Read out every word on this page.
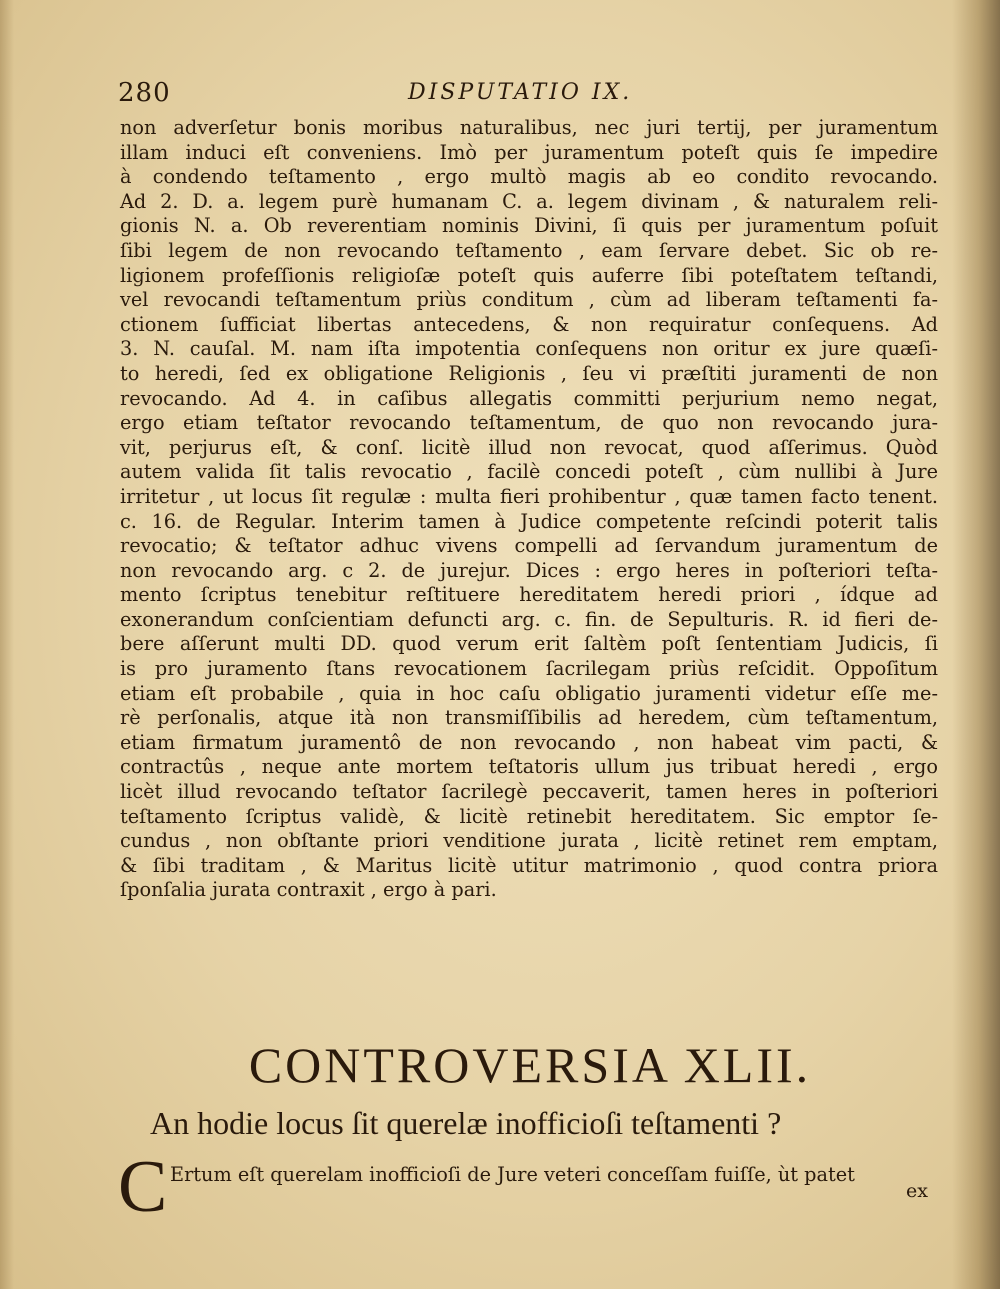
280	DISPUTATIO IX.
non adverſetur bonis moribus naturalibus, nec juri tertij, per juramentum
illam induci eſt conveniens. Imò per juramentum poteſt quis ſe impedire
à condendo teſtamento , ergo multò magis ab eo condito revocando.
Ad 2. D. a. legem purè humanam C. a. legem divinam , & naturalem reli-
gionis N. a. Ob reverentiam nominis Divini, ſi quis per juramentum poſuit
ſibi legem de non revocando teſtamento , eam ſervare debet. Sic ob re-
ligionem profeſſionis religioſæ poteſt quis auferre ſibi poteſtatem teſtandi,
vel revocandi teſtamentum priùs conditum , cùm ad liberam teſtamenti fa-
ctionem ſufficiat libertas antecedens, & non requiratur conſequens. Ad
3. N. cauſal. M. nam iſta impotentia conſequens non oritur ex jure quæſi-
to heredi, ſed ex obligatione Religionis , ſeu vi præſtiti juramenti de non
revocando. Ad 4. in caſibus allegatis committi perjurium nemo negat,
ergo etiam teſtator revocando teſtamentum, de quo non revocando jura-
vit, perjurus eſt, & conſ. licitè illud non revocat, quod aſſerimus. Quòd
autem valida ſit talis revocatio , facilè concedi poteſt , cùm nullibi à Jure
irritetur , ut locus ſit regulæ : multa fieri prohibentur , quæ tamen facto tenent.
c. 16. de Regular. Interim tamen à Judice competente reſcindi poterit talis
revocatio; & teſtator adhuc vivens compelli ad ſervandum juramentum de
non revocando arg. c 2. de jurejur. Dices : ergo heres in poſteriori teſta-
mento ſcriptus tenebitur reſtituere hereditatem heredi priori , ídque ad
exonerandum conſcientiam defuncti arg. c. fin. de Sepulturis. R. id fieri de-
bere aſſerunt multi DD. quod verum erit ſaltèm poſt ſententiam Judicis, ſi
is pro juramento ſtans revocationem ſacrilegam priùs reſcidit. Oppoſitum
etiam eſt probabile , quia in hoc caſu obligatio juramenti videtur eſſe me-
rè perſonalis, atque ità non transmiſſibilis ad heredem, cùm teſtamentum,
etiam firmatum juramentô de non revocando , non habeat vim pacti, &
contractûs , neque ante mortem teſtatoris ullum jus tribuat heredi , ergo
licèt illud revocando teſtator ſacrilegè peccaverit, tamen heres in poſteriori
teſtamento ſcriptus validè, & licitè retinebit hereditatem. Sic emptor ſe-
cundus , non obſtante priori venditione jurata , licitè retinet rem emptam,
& ſibi traditam , & Maritus licitè utitur matrimonio , quod contra priora
ſponſalia jurata contraxit , ergo à pari.
CONTROVERSIA XLII.
An hodie locus ſit querelæ inofficioſi teſtamenti ?
C Ertum eſt querelam inofficioſi de Jure veteri conceſſam fuiſſe, ùt patet
ex
